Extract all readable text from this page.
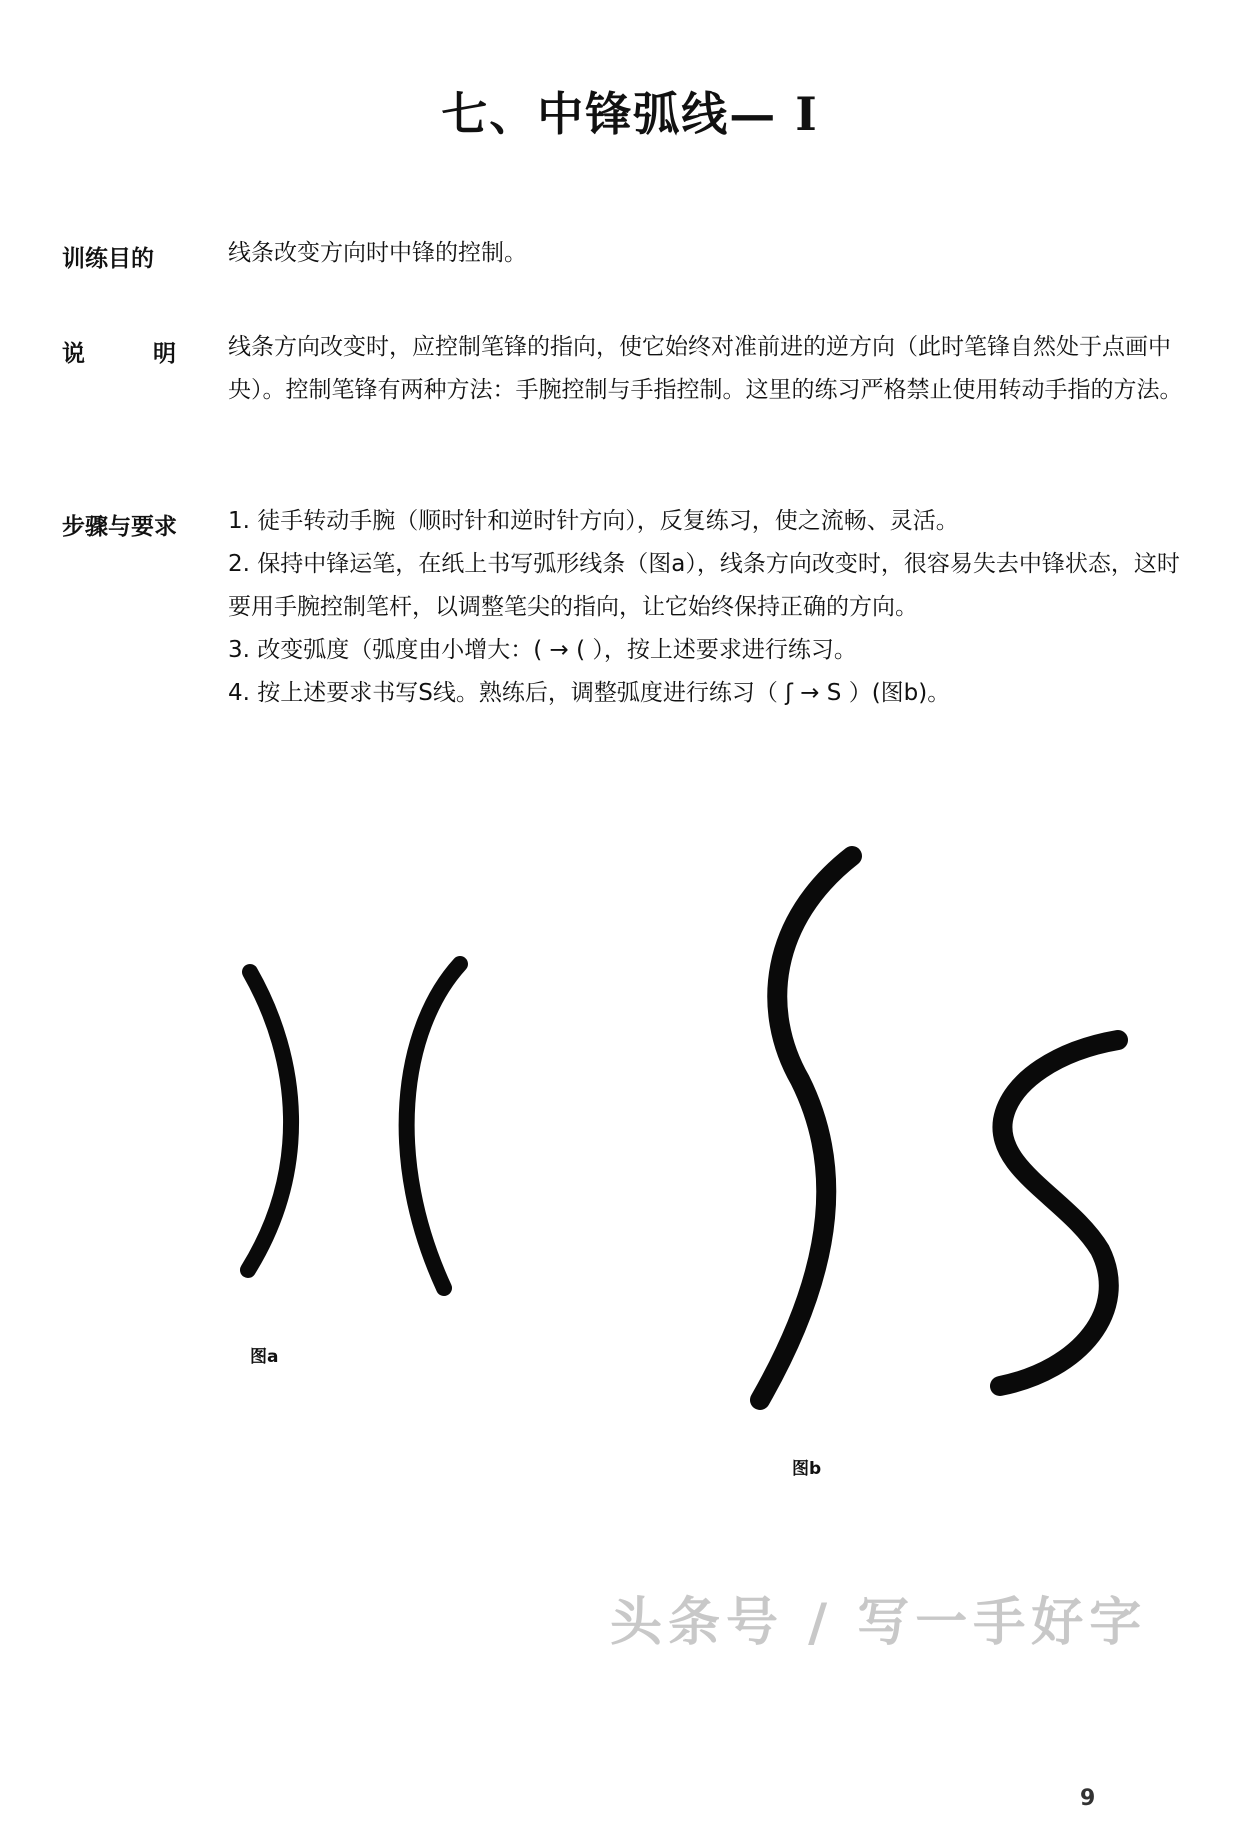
七、中锋弧线— I
训练目的	线条改变方向时中锋的控制。
说明
线条方向改变时，应控制笔锋的指向，使它始终对准前进的逆方向（此时笔锋自然处于点画中央）。控制笔锋有两种方法：手腕控制与手指控制。这里的练习严格禁止使用转动手指的方法。
步骤与要求 1. 徒手转动手腕（顺时针和逆时针方向），反复练习，使之流畅、灵活。
2. 保持中锋运笔，在纸上书写弧形线条（图a），线条方向改变时，很容易失去中锋状态，这时要用手腕控制笔杆，以调整笔尖的指向，让它始终保持正确的方向。
3. 改变弧度（弧度由小增大：( → ( ），按上述要求进行练习。
4. 按上述要求书写S线。熟练后，调整弧度进行练习（ ʃ → S ）(图b)。
图a
图b
头条号 / 写一手好字
9
